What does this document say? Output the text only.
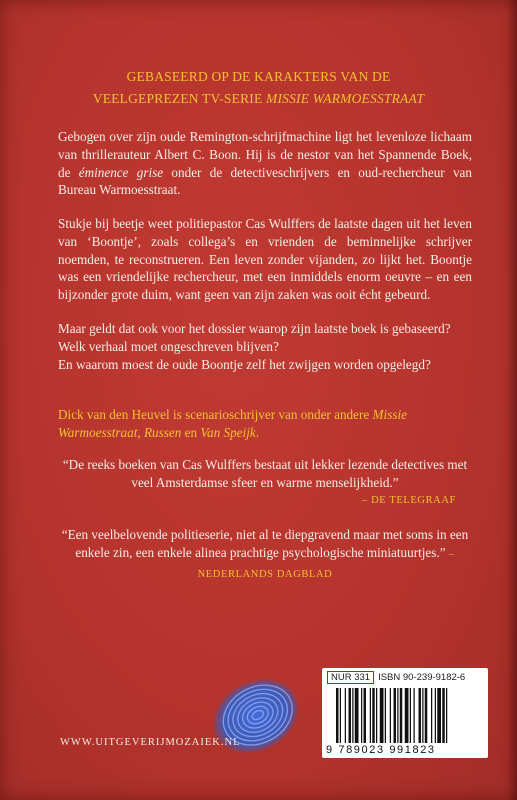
GEBASEERD OP DE KARAKTERS VAN DE
VEELGEPREZEN TV-SERIE MISSIE WARMOESSTRAAT

Gebogen over zijn oude Remington-schrijfmachine ligt het levenloze lichaam van thrillerauteur Albert C. Boon. Hij is de nestor van het Spannende Boek, de éminence grise onder de detectiveschrijvers en oud-rechercheur van Bureau Warmoesstraat.

Stukje bij beetje weet politiepastor Cas Wulffers de laatste dagen uit het leven van ‘Boontje’, zoals collega’s en vrienden de beminnelijke schrijver noemden, te reconstrueren. Een leven zonder vijanden, zo lijkt het. Boontje was een vriendelijke rechercheur, met een inmiddels enorm oeuvre – en een bijzonder grote duim, want geen van zijn zaken was ooit écht gebeurd.

Maar geldt dat ook voor het dossier waarop zijn laatste boek is gebaseerd? Welk verhaal moet ongeschreven blijven?
En waarom moest de oude Boontje zelf het zwijgen worden opgelegd?

Dick van den Heuvel is scenarioschrijver van onder andere Missie Warmoesstraat, Russen en Van Speijk.

“De reeks boeken van Cas Wulffers bestaat uit lekker lezende detectives met veel Amsterdamse sfeer en warme menselijkheid.”
– DE TELEGRAAF

“Een veelbelovende politieserie, niet al te diepgravend maar met soms in een enkele zin, een enkele alinea prachtige psychologische miniatuurtjes.” – NEDERLANDS DAGBLAD

NUR 331 ISBN 90-239-9182-6
9 789023 991823
WWW.UITGEVERIJMOZAIEK.NL
